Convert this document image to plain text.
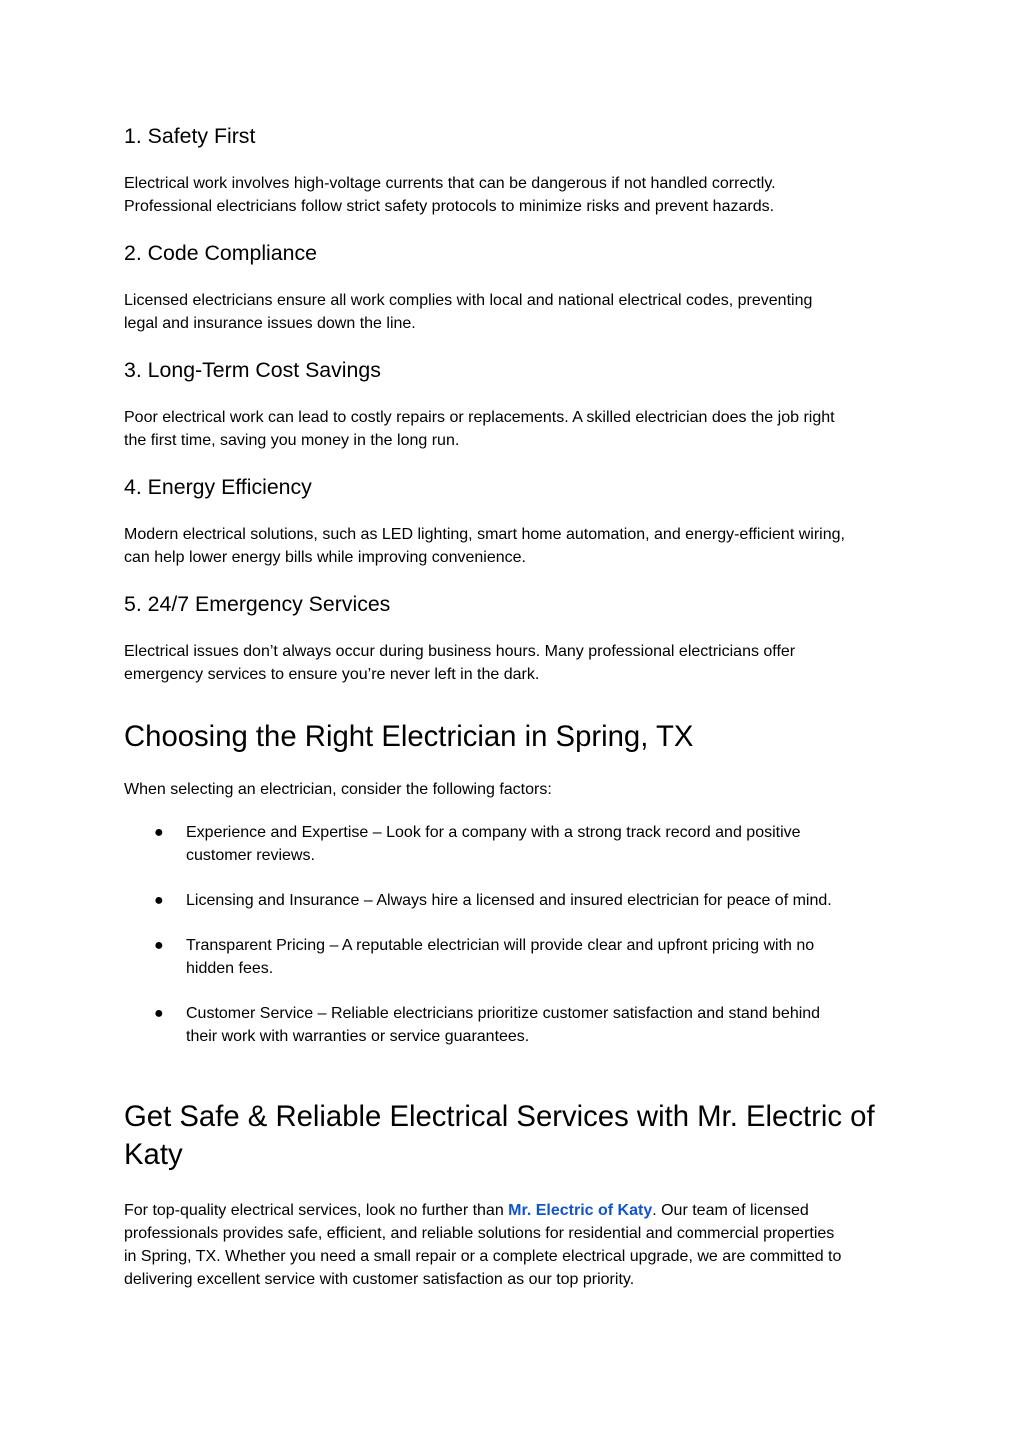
1. Safety First

Electrical work involves high-voltage currents that can be dangerous if not handled correctly.
Professional electricians follow strict safety protocols to minimize risks and prevent hazards.

2. Code Compliance

Licensed electricians ensure all work complies with local and national electrical codes, preventing
legal and insurance issues down the line.

3. Long-Term Cost Savings

Poor electrical work can lead to costly repairs or replacements. A skilled electrician does the job right
the first time, saving you money in the long run.

4. Energy Efficiency

Modern electrical solutions, such as LED lighting, smart home automation, and energy-efficient wiring,
can help lower energy bills while improving convenience.

5. 24/7 Emergency Services

Electrical issues don’t always occur during business hours. Many professional electricians offer
emergency services to ensure you’re never left in the dark.

Choosing the Right Electrician in Spring, TX

When selecting an electrician, consider the following factors:

● Experience and Expertise – Look for a company with a strong track record and positive
customer reviews.
● Licensing and Insurance – Always hire a licensed and insured electrician for peace of mind.
● Transparent Pricing – A reputable electrician will provide clear and upfront pricing with no
hidden fees.
● Customer Service – Reliable electricians prioritize customer satisfaction and stand behind
their work with warranties or service guarantees.
Get Safe & Reliable Electrical Services with Mr. Electric of
Katy

For top-quality electrical services, look no further than Mr. Electric of Katy. Our team of licensed
professionals provides safe, efficient, and reliable solutions for residential and commercial properties
in Spring, TX. Whether you need a small repair or a complete electrical upgrade, we are committed to
delivering excellent service with customer satisfaction as our top priority.
